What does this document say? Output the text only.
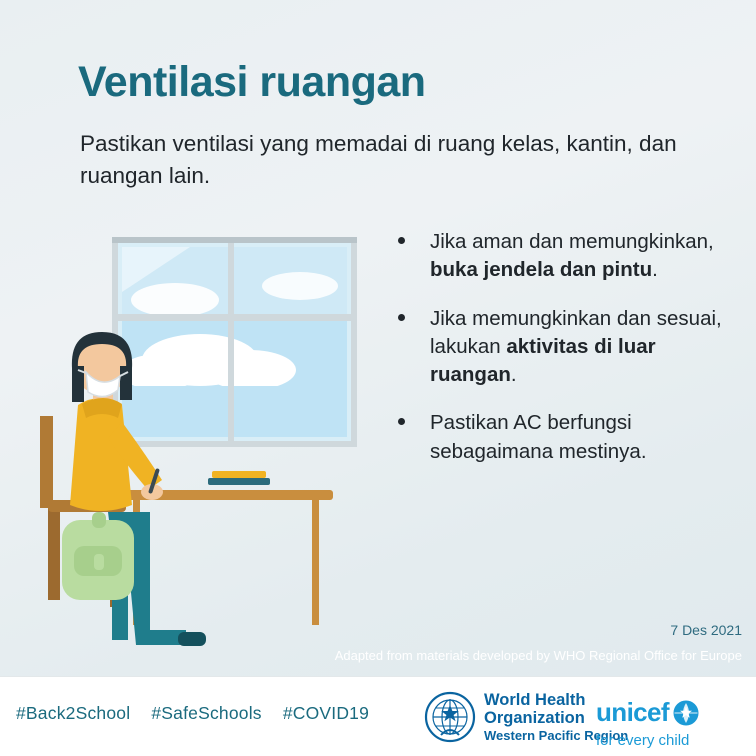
Ventilasi ruangan
Pastikan ventilasi yang memadai di ruang kelas, kantin, dan ruangan lain.
Jika aman dan memungkinkan, buka jendela dan pintu.
Jika memungkinkan dan sesuai, lakukan aktivitas di luar ruangan.
Pastikan AC berfungsi sebagaimana mestinya.
7 Des 2021
Adapted from materials developed by WHO Regional Office for Europe
#Back2School #SafeSchools #COVID19
World Health
Organization
Western Pacific Region
unicef
for every child
